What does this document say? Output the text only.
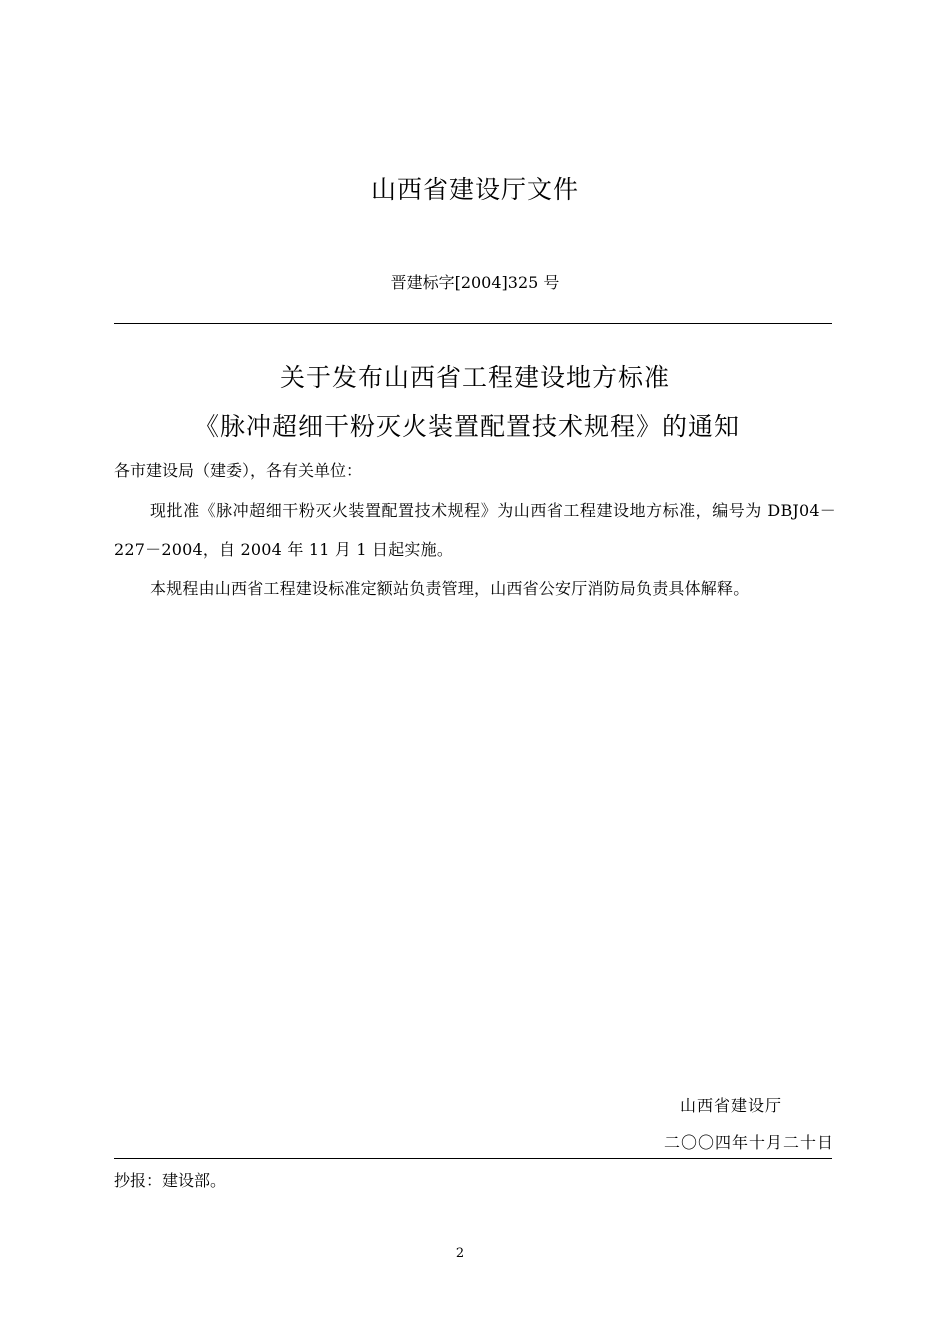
山西省建设厅文件
晋建标字[2004]325 号
关于发布山西省工程建设地方标准
《脉冲超细干粉灭火装置配置技术规程》的通知
各市建设局（建委），各有关单位：

现批准《脉冲超细干粉灭火装置配置技术规程》为山西省工程建设地方标准，编号为 DBJ04－227－2004，自 2004 年 11 月 1 日起实施。

本规程由山西省工程建设标准定额站负责管理，山西省公安厅消防局负责具体解释。

山西省建设厅
二〇〇四年十月二十日
抄报：建设部。
2
